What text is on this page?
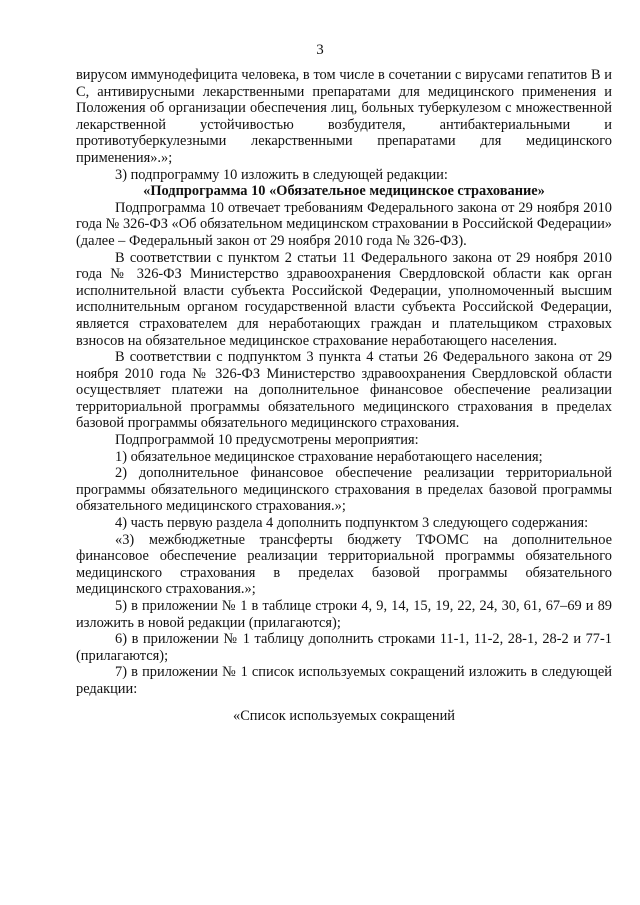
3

вирусом иммунодефицита человека, в том числе в сочетании с вирусами гепатитов В и С, антивирусными лекарственными препаратами для медицинского применения и Положения об организации обеспечения лиц, больных туберкулезом с множественной лекарственной устойчивостью возбудителя, антибактериальными и противотуберкулезными лекарственными препаратами для медицинского применения».»;

3) подпрограмму 10 изложить в следующей редакции:

«Подпрограмма 10 «Обязательное медицинское страхование»

Подпрограмма 10 отвечает требованиям Федерального закона от 29 ноября 2010 года № 326-ФЗ «Об обязательном медицинском страховании в Российской Федерации» (далее – Федеральный закон от 29 ноября 2010 года № 326-ФЗ).

В соответствии с пунктом 2 статьи 11 Федерального закона от 29 ноября 2010 года № 326-ФЗ Министерство здравоохранения Свердловской области как орган исполнительной власти субъекта Российской Федерации, уполномоченный высшим исполнительным органом государственной власти субъекта Российской Федерации, является страхователем для неработающих граждан и плательщиком страховых взносов на обязательное медицинское страхование неработающего населения.

В соответствии с подпунктом 3 пункта 4 статьи 26 Федерального закона от 29 ноября 2010 года № 326-ФЗ Министерство здравоохранения Свердловской области осуществляет платежи на дополнительное финансовое обеспечение реализации территориальной программы обязательного медицинского страхования в пределах базовой программы обязательного медицинского страхования.

Подпрограммой 10 предусмотрены мероприятия:

1) обязательное медицинское страхование неработающего населения;

2) дополнительное финансовое обеспечение реализации территориальной программы обязательного медицинского страхования в пределах базовой программы обязательного медицинского страхования.»;

4) часть первую раздела 4 дополнить подпунктом 3 следующего содержания:

«3) межбюджетные трансферты бюджету ТФОМС на дополнительное финансовое обеспечение реализации территориальной программы обязательного медицинского страхования в пределах базовой программы обязательного медицинского страхования.»;

5) в приложении № 1 в таблице строки 4, 9, 14, 15, 19, 22, 24, 30, 61, 67–69 и 89 изложить в новой редакции (прилагаются);

6) в приложении № 1 таблицу дополнить строками 11-1, 11-2, 28-1, 28-2 и 77-1 (прилагаются);

7) в приложении № 1 список используемых сокращений изложить в следующей редакции:

«Список используемых сокращений
